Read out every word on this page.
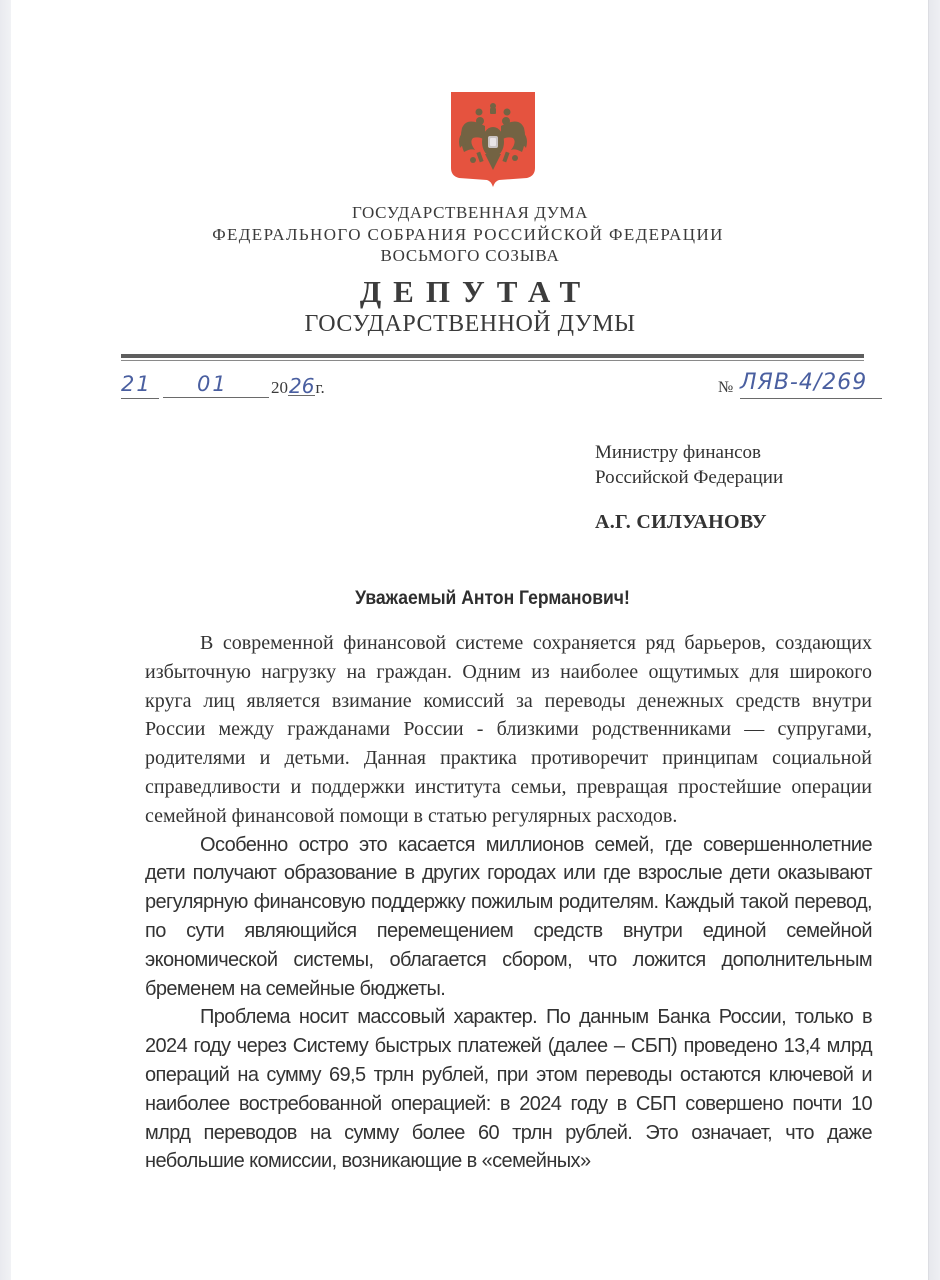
ГОСУДАРСТВЕННАЯ ДУМА
ФЕДЕРАЛЬНОГО СОБРАНИЯ РОССИЙСКОЙ ФЕДЕРАЦИИ
ВОСЬМОГО СОЗЫВА
ДЕПУТАТ
ГОСУДАРСТВЕННОЙ ДУМЫ
21	01	2026г.	№ ЛЯВ-4/269
Министру финансов
Российской Федерации
А.Г. СИЛУАНОВУ
Уважаемый Антон Германович!

В современной финансовой системе сохраняется ряд барьеров, создающих избыточную нагрузку на граждан. Одним из наиболее ощутимых для широкого круга лиц является взимание комиссий за переводы денежных средств внутри России между гражданами России - близкими родственниками — супругами, родителями и детьми. Данная практика противоречит принципам социальной справедливости и поддержки института семьи, превращая простейшие операции семейной финансовой помощи в статью регулярных расходов.

Особенно остро это касается миллионов семей, где совершеннолетние дети получают образование в других городах или где взрослые дети оказывают регулярную финансовую поддержку пожилым родителям. Каждый такой перевод, по сути являющийся перемещением средств внутри единой семейной экономической системы, облагается сбором, что ложится дополнительным бременем на семейные бюджеты.

Проблема носит массовый характер. По данным Банка России, только в 2024 году через Систему быстрых платежей (далее – СБП) проведено 13,4 млрд операций на сумму 69,5 трлн рублей, при этом переводы остаются ключевой и наиболее востребованной операцией: в 2024 году в СБП совершено почти 10 млрд переводов на сумму более 60 трлн рублей. Это означает, что даже небольшие комиссии, возникающие в «семейных»
